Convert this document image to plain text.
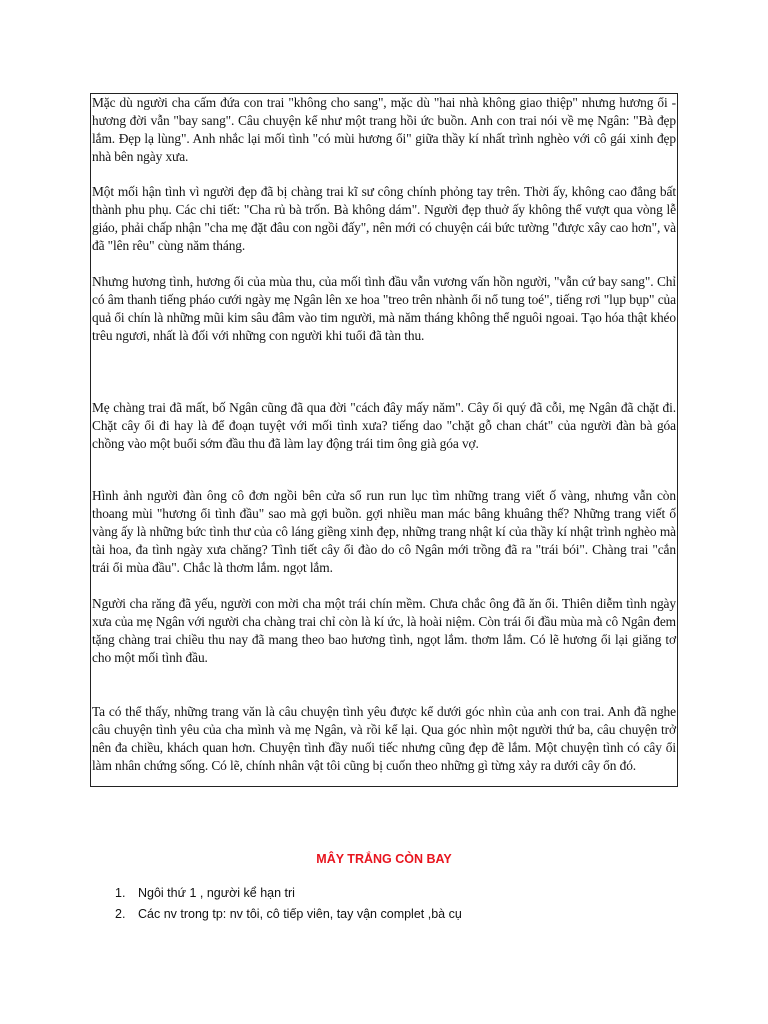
Mặc dù người cha cấm đứa con trai "không cho sang", mặc dù "hai nhà không giao thiệp" nhưng hương ổi - hương đời vẫn "bay sang". Câu chuyện kể như một trang hồi ức buồn. Anh con trai nói về mẹ Ngân: "Bà đẹp lắm. Đẹp lạ lùng". Anh nhắc lại mối tình "có mùi hương ổi" giữa thầy kí nhất trình nghèo với cô gái xinh đẹp nhà bên ngày xưa.

Một mối hận tình vì người đẹp đã bị chàng trai kĩ sư công chính phỏng tay trên. Thời ấy, không cao đẳng bất thành phu phụ. Các chi tiết: "Cha rủ bà trốn. Bà không dám". Người đẹp thuở ấy không thể vượt qua vòng lễ giáo, phải chấp nhận "cha mẹ đặt đâu con ngồi đấy", nên mới có chuyện cái bức tường "được xây cao hơn", và đã "lên rêu" cùng năm tháng.

Nhưng hương tình, hương ổi của mùa thu, của mối tình đầu vẫn vương vấn hồn người, "vẫn cứ bay sang". Chỉ có âm thanh tiếng pháo cưới ngày mẹ Ngân lên xe hoa "treo trên nhành ổi nổ tung toé", tiếng rơi "lụp bụp" của quả ổi chín là những mũi kim sâu đâm vào tim người, mà năm tháng không thể nguôi ngoai. Tạo hóa thật khéo trêu ngươi, nhất là đối với những con người khi tuổi đã tàn thu.

Mẹ chàng trai đã mất, bố Ngân cũng đã qua đời "cách đây mấy năm". Cây ổi quý đã cỗi, mẹ Ngân đã chặt đi. Chặt cây ổi đi hay là để đoạn tuyệt với mối tình xưa? tiếng dao "chặt gỗ chan chát" của người đàn bà góa chồng vào một buổi sớm đầu thu đã làm lay động trái tim ông già góa vợ.

Hình ảnh người đàn ông cô đơn ngồi bên cửa sổ run run lục tìm những trang viết ố vàng, nhưng vẫn còn thoang mùi "hương ổi tình đầu" sao mà gợi buồn. gợi nhiều man mác bâng khuâng thế? Những trang viết ố vàng ấy là những bức tình thư của cô láng giềng xinh đẹp, những trang nhật kí của thầy kí nhật trình nghèo mà tài hoa, đa tình ngày xưa chăng? Tình tiết cây ổi đào do cô Ngân mới trồng đã ra "trái bói". Chàng trai "cắn trái ổi mùa đầu". Chắc là thơm lắm. ngọt lắm.

Người cha răng đã yếu, người con mời cha một trái chín mềm. Chưa chắc ông đã ăn ổi. Thiên diễm tình ngày xưa của mẹ Ngân với người cha chàng trai chỉ còn là kí ức, là hoài niệm. Còn trái ổi đầu mùa mà cô Ngân đem tặng chàng trai chiều thu nay đã mang theo bao hương tình, ngọt lắm. thơm lắm. Có lẽ hương ổi lại giăng tơ cho một mối tình đầu.

Ta có thể thấy, những trang văn là câu chuyện tình yêu được kể dưới góc nhìn của anh con trai. Anh đã nghe câu chuyện tình yêu của cha mình và mẹ Ngân, và rồi kể lại. Qua góc nhìn một người thứ ba, câu chuyện trở nên đa chiều, khách quan hơn. Chuyện tình đầy nuối tiếc nhưng cũng đẹp đẽ lắm. Một chuyện tình có cây ổi làm nhân chứng sống. Có lẽ, chính nhân vật tôi cũng bị cuốn theo những gì từng xảy ra dưới cây ổn đó.

MÂY TRẮNG CÒN BAY
1. Ngôi thứ 1 , người kể hạn tri
2. Các nv trong tp: nv tôi, cô tiếp viên, tay vận complet ,bà cụ
